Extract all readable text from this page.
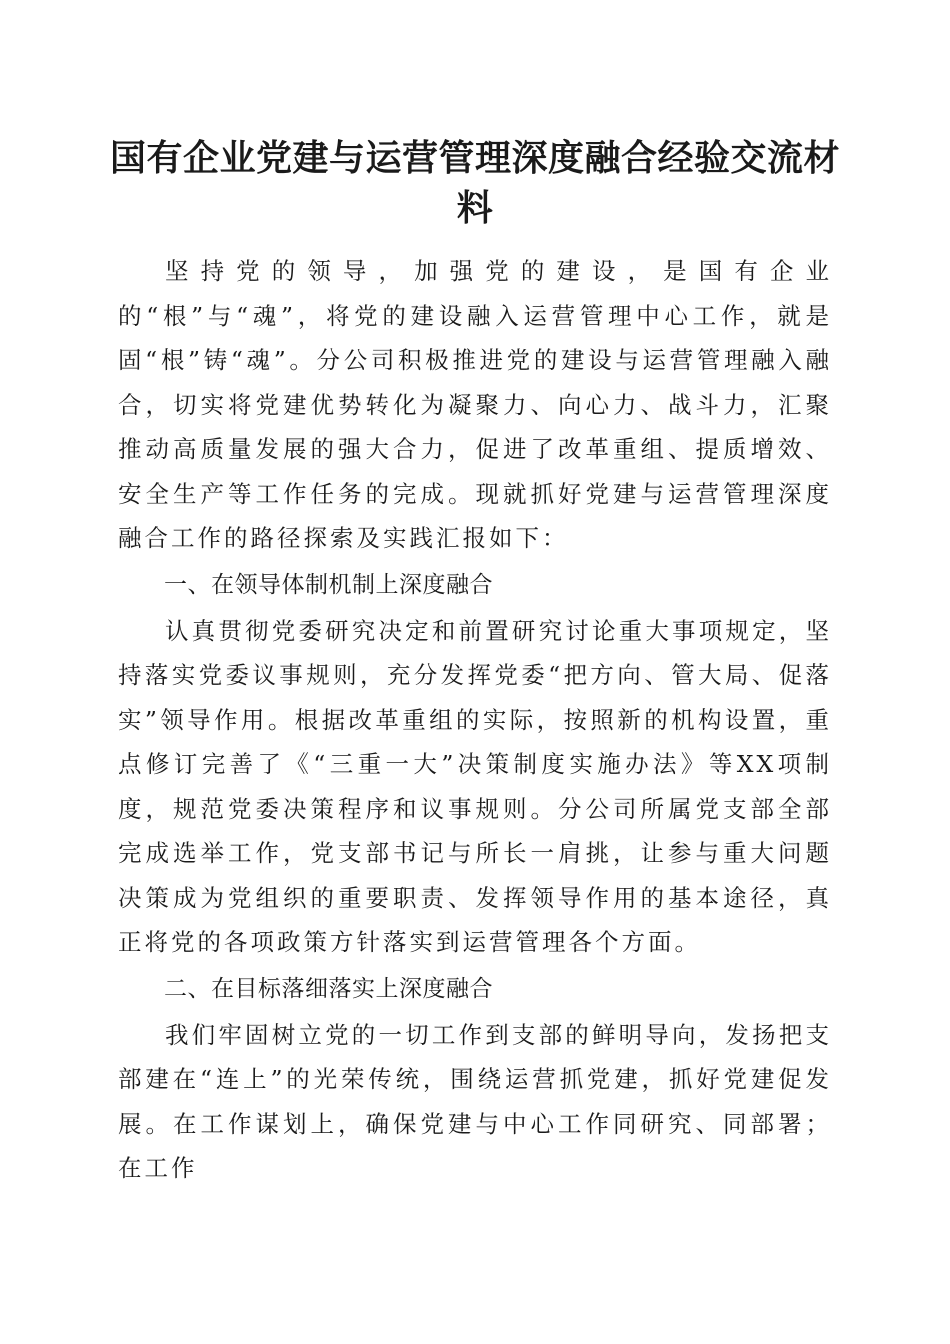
国有企业党建与运营管理深度融合经验交流材料

坚持党的领导，加强党的建设，是国有企业的“根”与“魂”，将党的建设融入运营管理中心工作，就是固“根”铸“魂”。分公司积极推进党的建设与运营管理融入融合，切实将党建优势转化为凝聚力、向心力、战斗力，汇聚推动高质量发展的强大合力，促进了改革重组、提质增效、安全生产等工作任务的完成。现就抓好党建与运营管理深度融合工作的路径探索及实践汇报如下：

一、在领导体制机制上深度融合

认真贯彻党委研究决定和前置研究讨论重大事项规定，坚持落实党委议事规则，充分发挥党委“把方向、管大局、促落实”领导作用。根据改革重组的实际，按照新的机构设置，重点修订完善了《“三重一大”决策制度实施办法》等XX项制度，规范党委决策程序和议事规则。分公司所属党支部全部完成选举工作，党支部书记与所长一肩挑，让参与重大问题决策成为党组织的重要职责、发挥领导作用的基本途径，真正将党的各项政策方针落实到运营管理各个方面。

二、在目标落细落实上深度融合

我们牢固树立党的一切工作到支部的鲜明导向，发扬把支部建在“连上”的光荣传统，围绕运营抓党建，抓好党建促发展。在工作谋划上，确保党建与中心工作同研究、同部署；在工作
